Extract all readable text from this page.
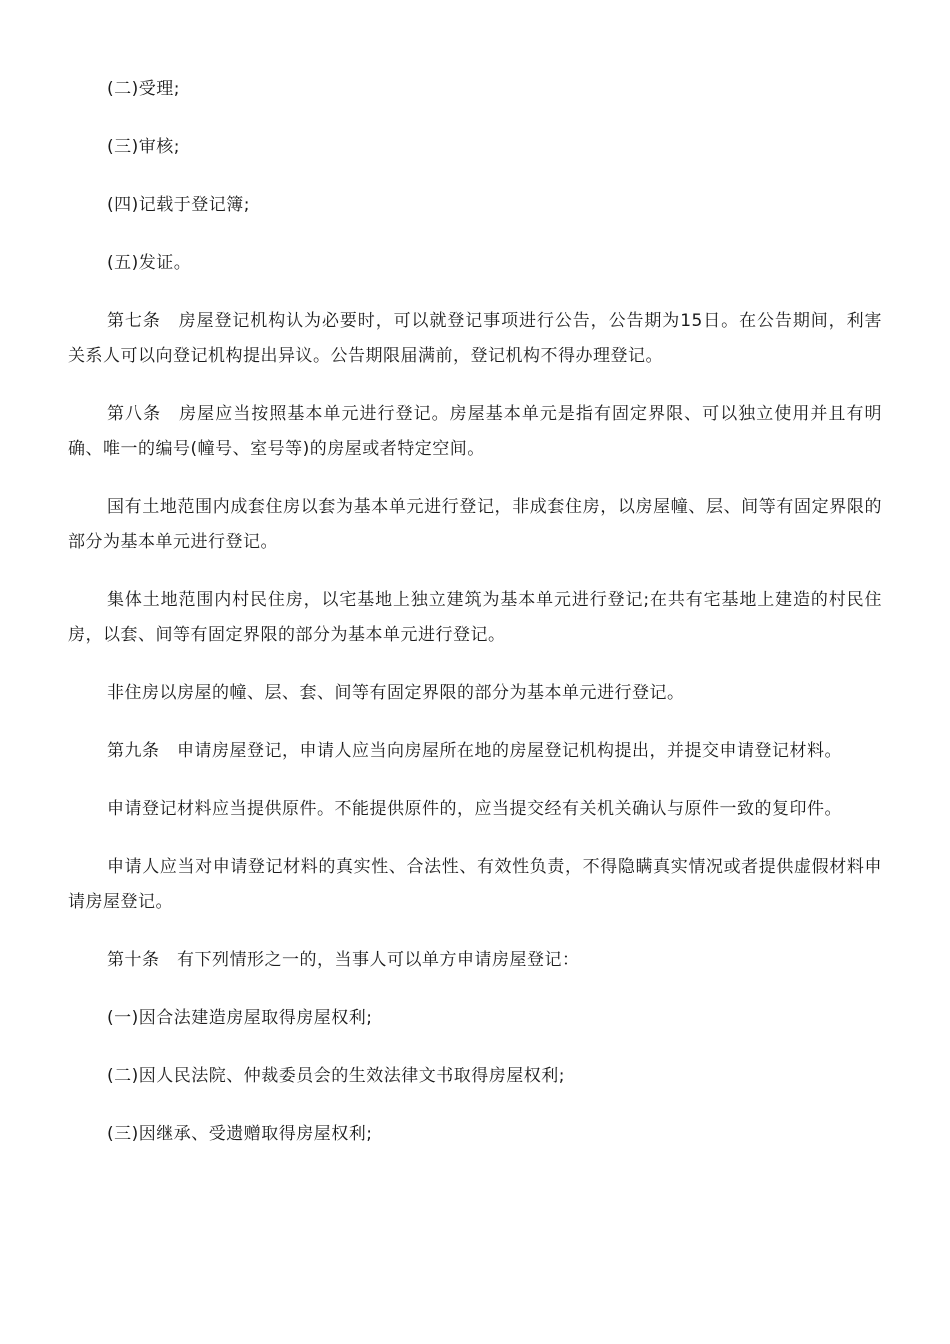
(二)受理;

(三)审核;

(四)记载于登记簿;

(五)发证。

第七条　房屋登记机构认为必要时，可以就登记事项进行公告，公告期为15日。在公告期间，利害关系人可以向登记机构提出异议。公告期限届满前，登记机构不得办理登记。

第八条　房屋应当按照基本单元进行登记。房屋基本单元是指有固定界限、可以独立使用并且有明确、唯一的编号(幢号、室号等)的房屋或者特定空间。

国有土地范围内成套住房以套为基本单元进行登记，非成套住房，以房屋幢、层、间等有固定界限的部分为基本单元进行登记。

集体土地范围内村民住房，以宅基地上独立建筑为基本单元进行登记;在共有宅基地上建造的村民住房，以套、间等有固定界限的部分为基本单元进行登记。

非住房以房屋的幢、层、套、间等有固定界限的部分为基本单元进行登记。

第九条　申请房屋登记，申请人应当向房屋所在地的房屋登记机构提出，并提交申请登记材料。

申请登记材料应当提供原件。不能提供原件的，应当提交经有关机关确认与原件一致的复印件。

申请人应当对申请登记材料的真实性、合法性、有效性负责，不得隐瞒真实情况或者提供虚假材料申请房屋登记。

第十条　有下列情形之一的，当事人可以单方申请房屋登记：

(一)因合法建造房屋取得房屋权利;

(二)因人民法院、仲裁委员会的生效法律文书取得房屋权利;

(三)因继承、受遗赠取得房屋权利;
